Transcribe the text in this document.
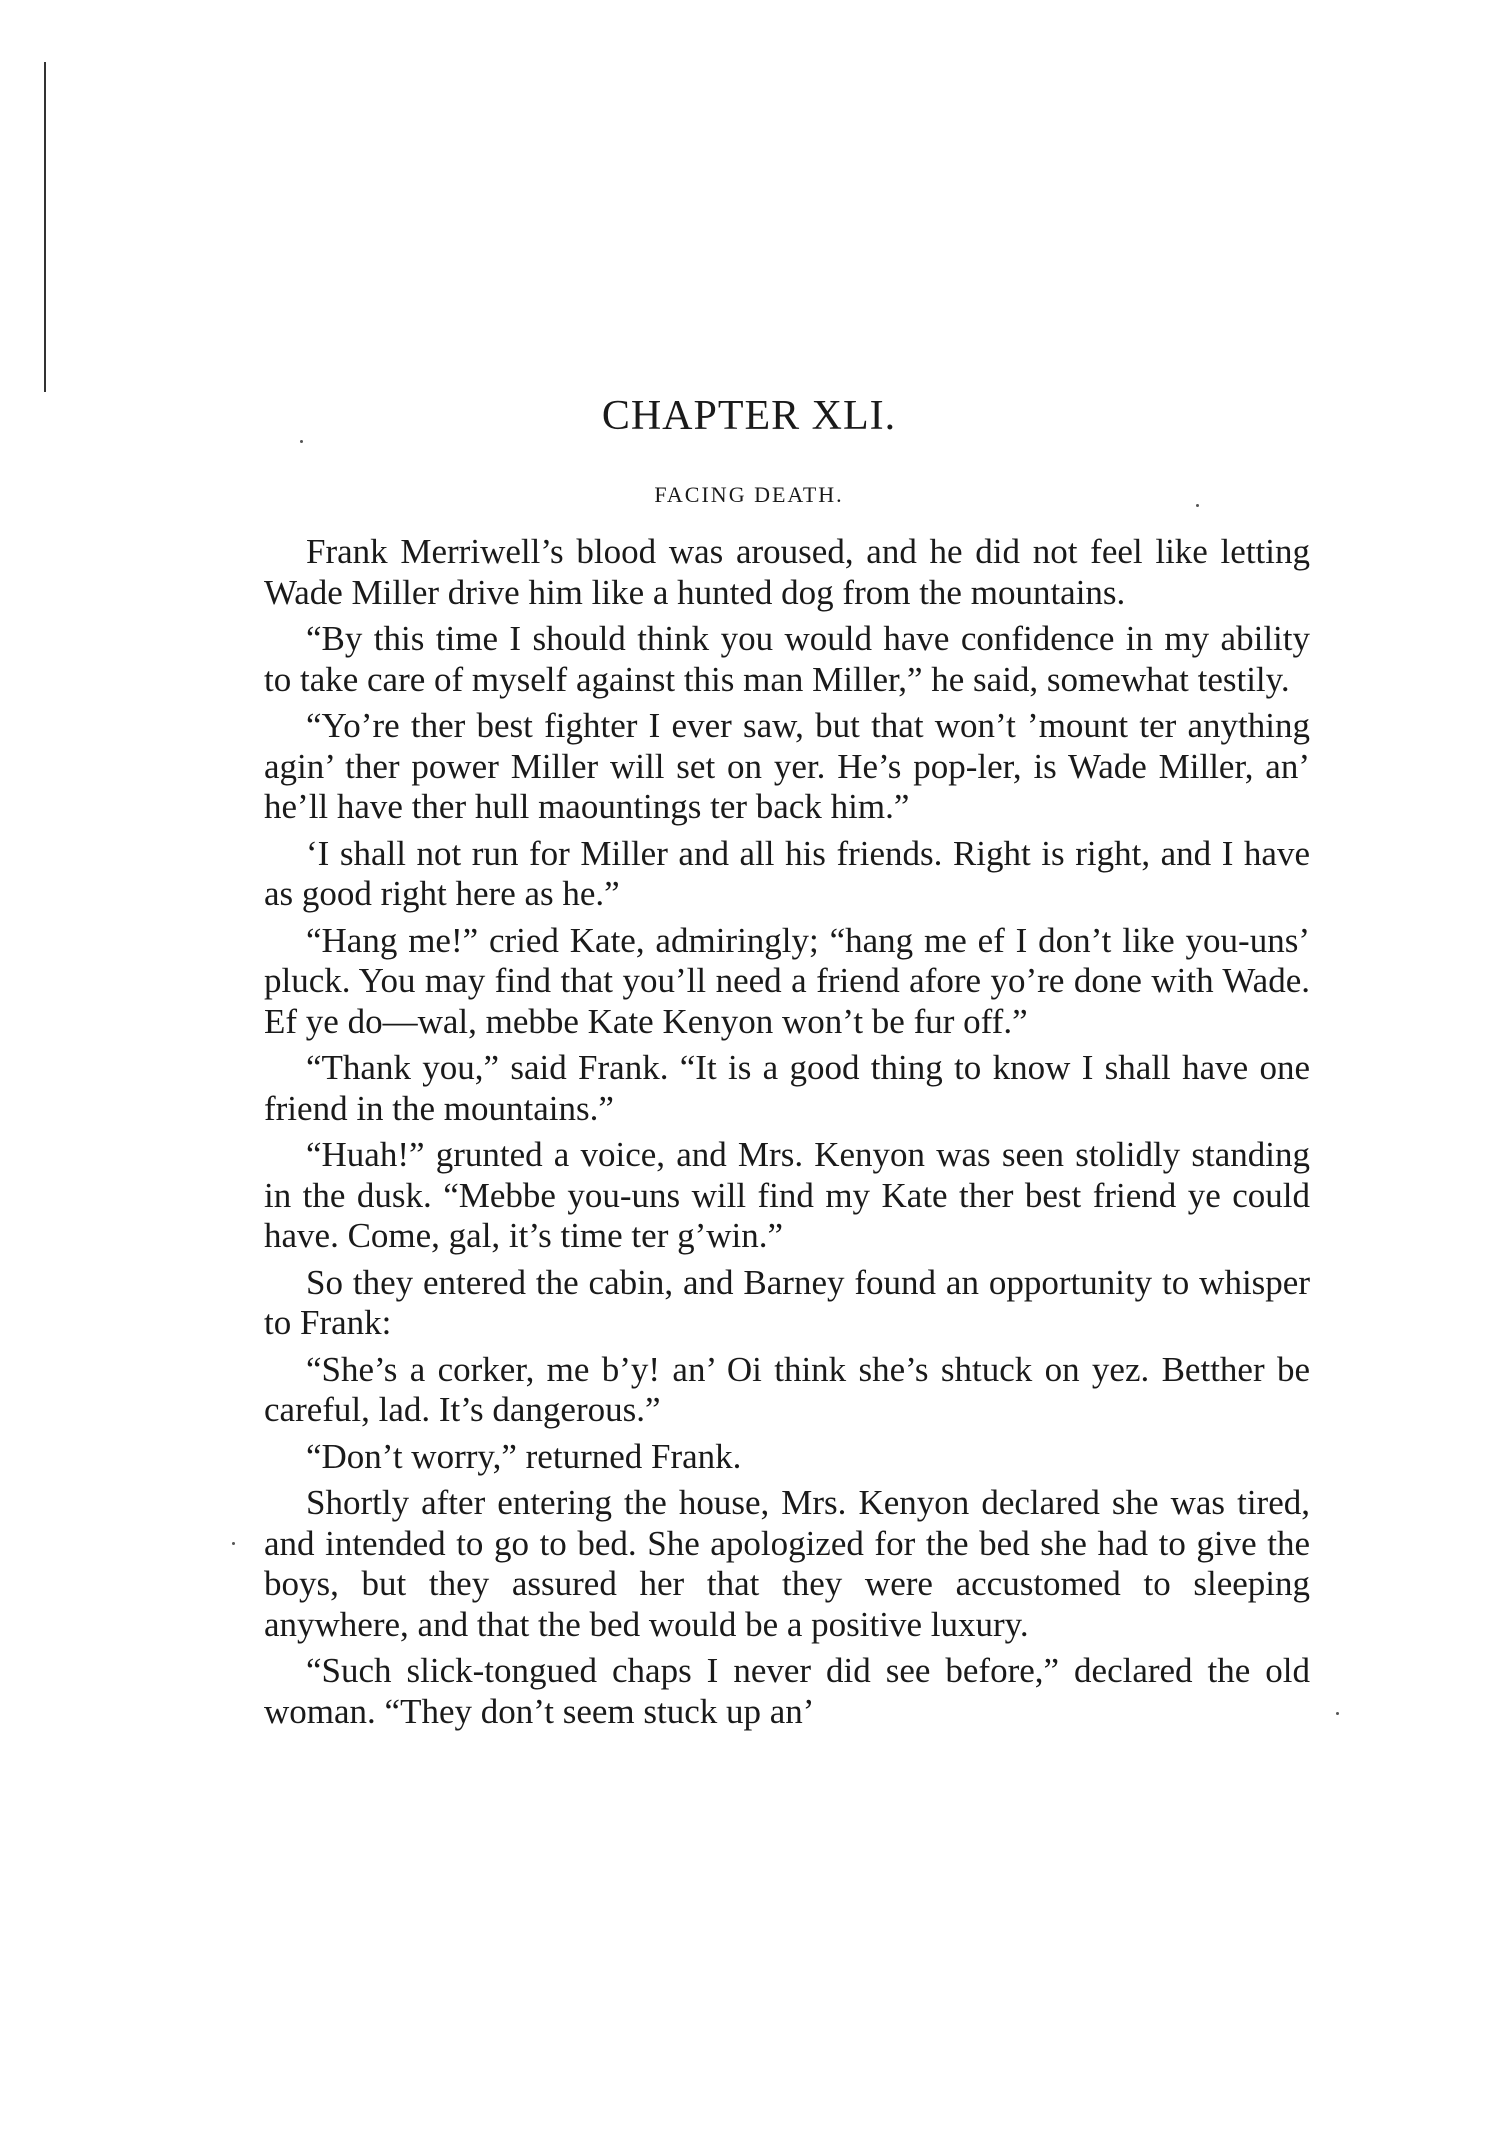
CHAPTER XLI.
FACING DEATH.

Frank Merriwell’s blood was aroused, and he did not feel like letting Wade Miller drive him like a hunted dog from the mountains.

“By this time I should think you would have confidence in my ability to take care of myself against this man Miller,” he said, somewhat testily.

“Yo’re ther best fighter I ever saw, but that won’t ’mount ter anything agin’ ther power Miller will set on yer. He’s pop-ler, is Wade Miller, an’ he’ll have ther hull maountings ter back him.”

‘I shall not run for Miller and all his friends. Right is right, and I have as good right here as he.”

“Hang me!” cried Kate, admiringly; “hang me ef I don’t like you-uns’ pluck. You may find that you’ll need a friend afore yo’re done with Wade. Ef ye do—wal, mebbe Kate Kenyon won’t be fur off.”

“Thank you,” said Frank. “It is a good thing to know I shall have one friend in the mountains.”

“Huah!” grunted a voice, and Mrs. Kenyon was seen stolidly standing in the dusk. “Mebbe you-uns will find my Kate ther best friend ye could have. Come, gal, it’s time ter g’win.”

So they entered the cabin, and Barney found an opportunity to whisper to Frank:

“She’s a corker, me b’y! an’ Oi think she’s shtuck on yez. Betther be careful, lad. It’s dangerous.”

“Don’t worry,” returned Frank.

Shortly after entering the house, Mrs. Kenyon declared she was tired, and intended to go to bed. She apologized for the bed she had to give the boys, but they assured her that they were accustomed to sleeping anywhere, and that the bed would be a positive luxury.

“Such slick-tongued chaps I never did see before,” declared the old woman. “They don’t seem stuck up an’
